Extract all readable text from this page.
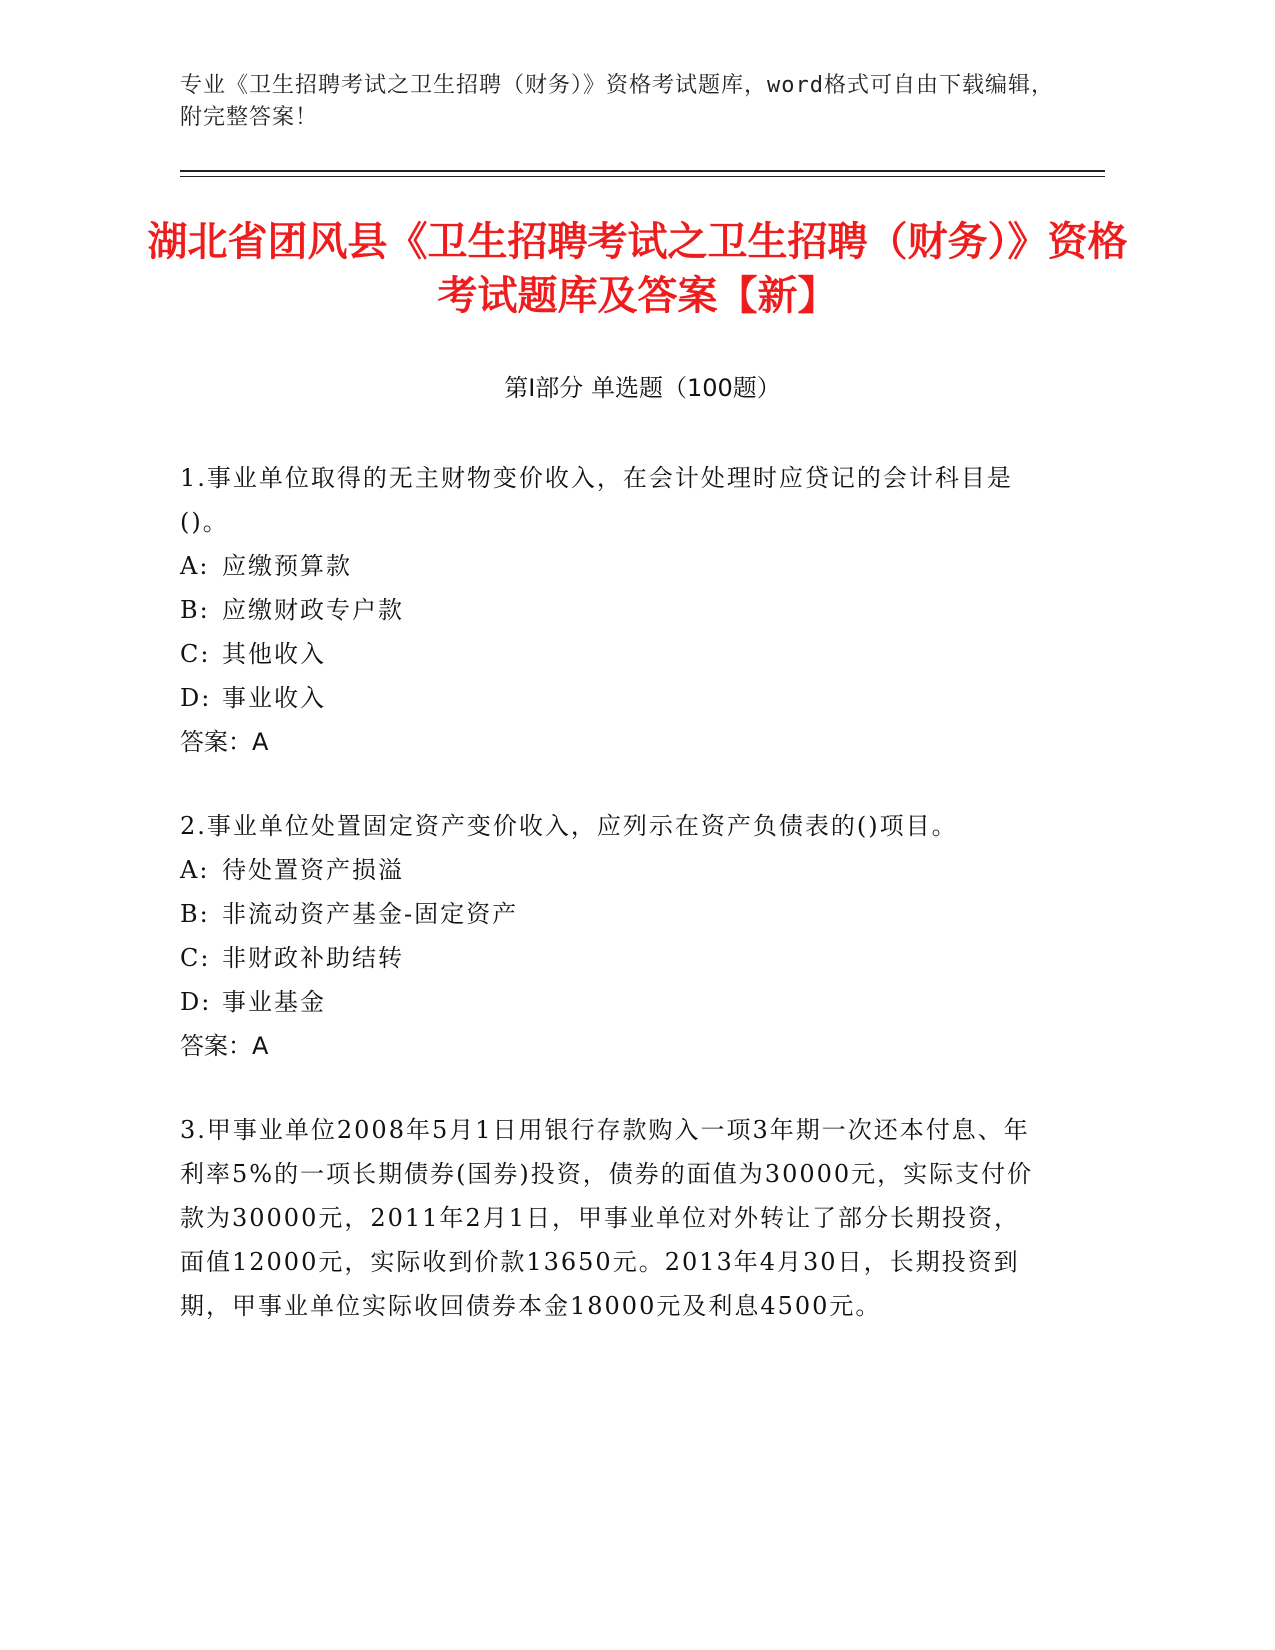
专业《卫生招聘考试之卫生招聘（财务）》资格考试题库，word格式可自由下载编辑，附完整答案！
湖北省团风县《卫生招聘考试之卫生招聘（财务）》资格考试题库及答案【新】
第Ⅰ部分 单选题（100题）

1.事业单位取得的无主财物变价收入，在会计处理时应贷记的会计科目是()。

A: 应缴预算款

B: 应缴财政专户款

C: 其他收入

D: 事业收入

答案：A

2.事业单位处置固定资产变价收入，应列示在资产负债表的()项目。

A: 待处置资产损溢

B: 非流动资产基金-固定资产

C: 非财政补助结转

D: 事业基金

答案：A

3.甲事业单位2008年5月1日用银行存款购入一项3年期一次还本付息、年利率5%的一项长期债券(国券)投资，债券的面值为30000元，实际支付价款为30000元，2011年2月1日，甲事业单位对外转让了部分长期投资，面值12000元，实际收到价款13650元。2013年4月30日，长期投资到期，甲事业单位实际收回债券本金18000元及利息4500元。
